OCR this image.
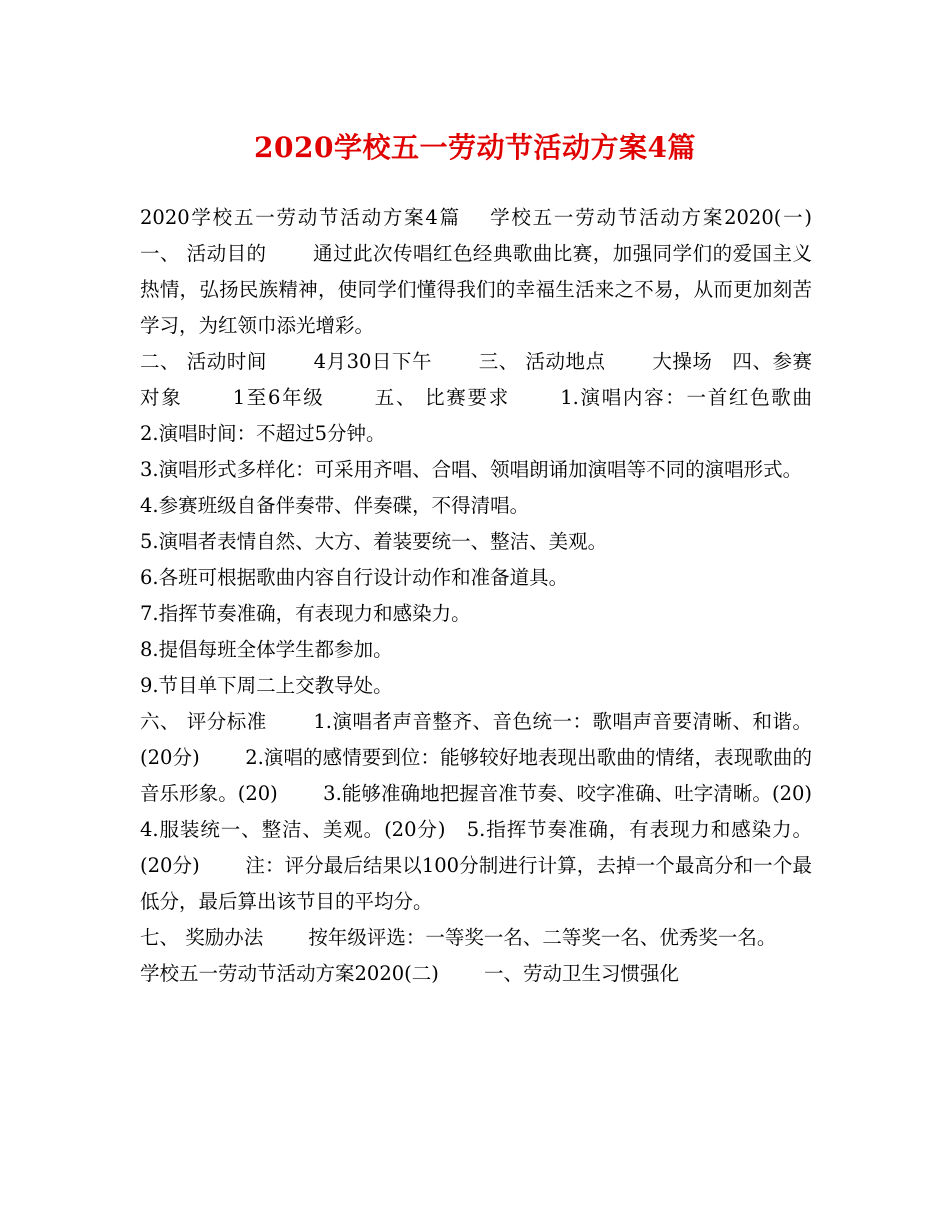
2020学校五一劳动节活动方案4篇

2020学校五一劳动节活动方案4篇　 学校五一劳动节活动方案2020(一)　　 一、 活动目的　　 通过此次传唱红色经典歌曲比赛，加强同学们的爱国主义热情，弘扬民族精神，使同学们懂得我们的幸福生活来之不易，从而更加刻苦学习，为红领巾添光增彩。

二、 活动时间　　 4月30日下午　　 三、 活动地点　　 大操场　四、参赛对象　　 1至6年级　　 五、 比赛要求　　 1.演唱内容：一首红色歌曲　　 2.演唱时间：不超过5分钟。

3.演唱形式多样化：可采用齐唱、合唱、领唱朗诵加演唱等不同的演唱形式。

4.参赛班级自备伴奏带、伴奏碟，不得清唱。

5.演唱者表情自然、大方、着装要统一、整洁、美观。

6.各班可根据歌曲内容自行设计动作和准备道具。

7.指挥节奏准确，有表现力和感染力。

8.提倡每班全体学生都参加。

9.节目单下周二上交教导处。

六、 评分标准　　 1.演唱者声音整齐、音色统一：歌唱声音要清晰、和谐。(20分)　　 2.演唱的感情要到位：能够较好地表现出歌曲的情绪，表现歌曲的音乐形象。(20)　　 3.能够准确地把握音准节奏、咬字准确、吐字清晰。(20)　　 4.服装统一、整洁、美观。(20分)　5.指挥节奏准确，有表现力和感染力。(20分)　　 注：评分最后结果以100分制进行计算，去掉一个最高分和一个最低分，最后算出该节目的平均分。

七、 奖励办法　　 按年级评选：一等奖一名、二等奖一名、优秀奖一名。

学校五一劳动节活动方案2020(二)　　 一、劳动卫生习惯强化
